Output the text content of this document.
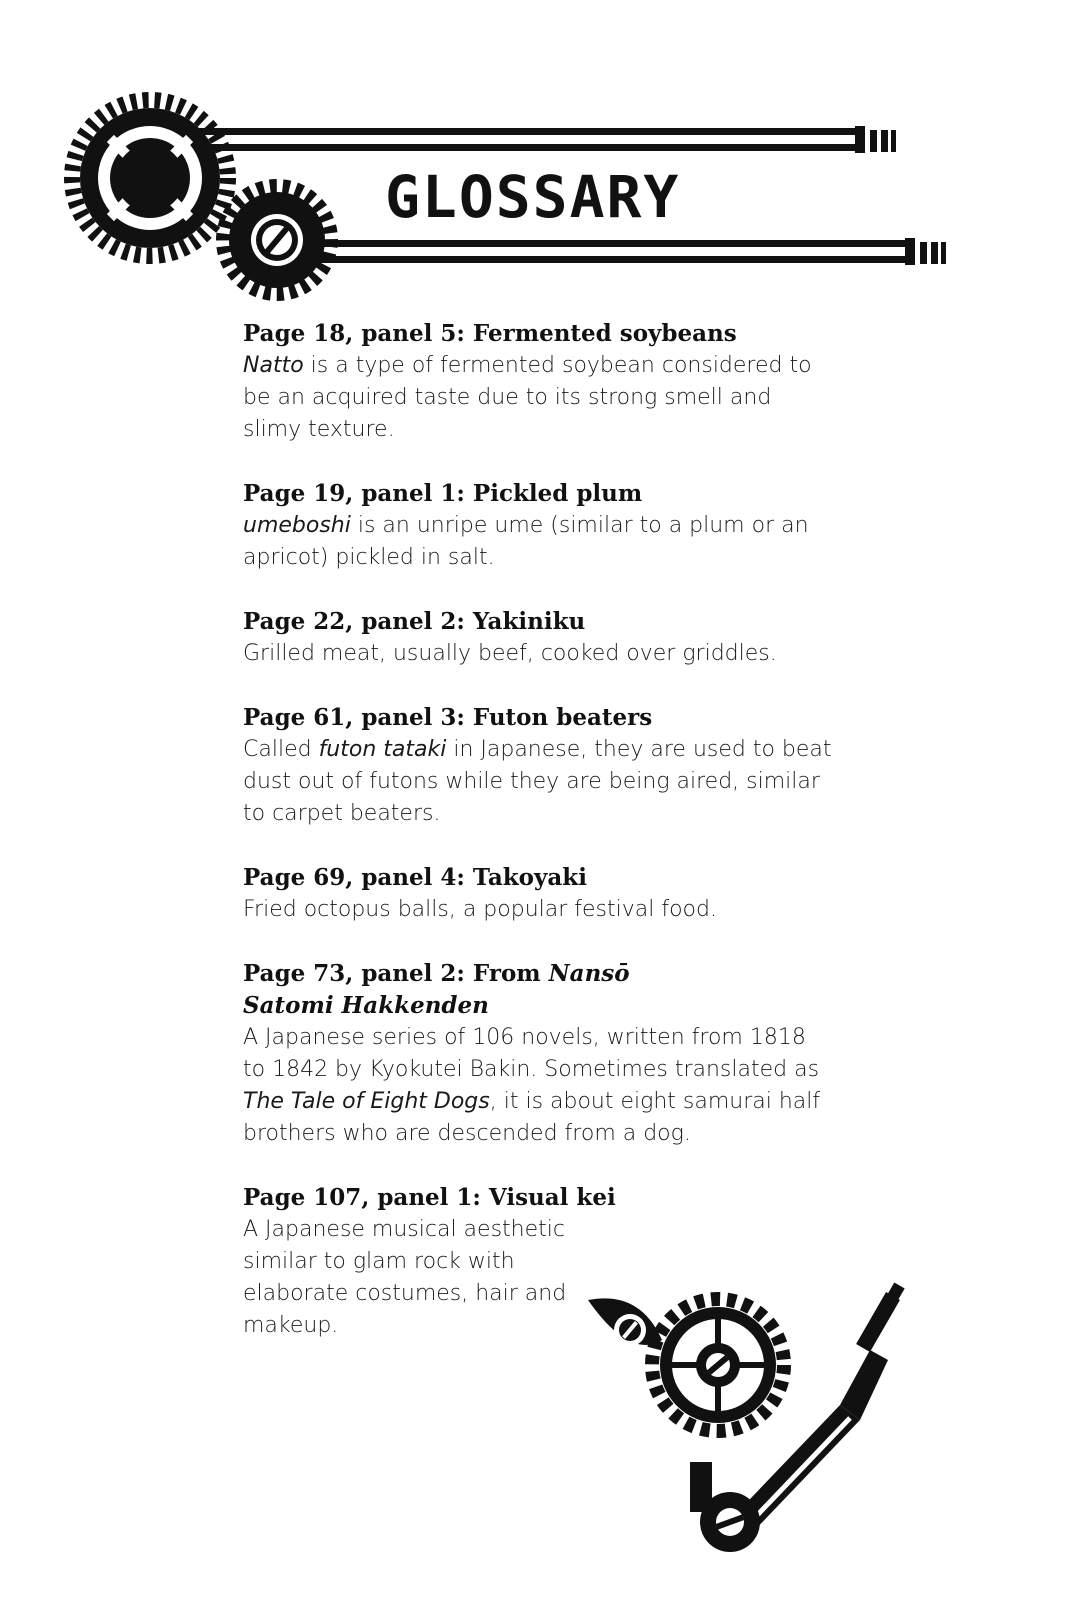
GLOSSARY
Page 18, panel 5: Fermented soybeans
Natto is a type of fermented soybean considered to be an acquired taste due to its strong smell and slimy texture.
Page 19, panel 1: Pickled plum
umeboshi is an unripe ume (similar to a plum or an apricot) pickled in salt.
Page 22, panel 2: Yakiniku
Grilled meat, usually beef, cooked over griddles.
Page 61, panel 3: Futon beaters
Called futon tataki in Japanese, they are used to beat dust out of futons while they are being aired, similar to carpet beaters.
Page 69, panel 4: Takoyaki
Fried octopus balls, a popular festival food.
Page 73, panel 2: From Nansō Satomi Hakkenden
A Japanese series of 106 novels, written from 1818 to 1842 by Kyokutei Bakin. Sometimes translated as The Tale of Eight Dogs, it is about eight samurai half brothers who are descended from a dog.
Page 107, panel 1: Visual kei
A Japanese musical aesthetic similar to glam rock with elaborate costumes, hair and makeup.
